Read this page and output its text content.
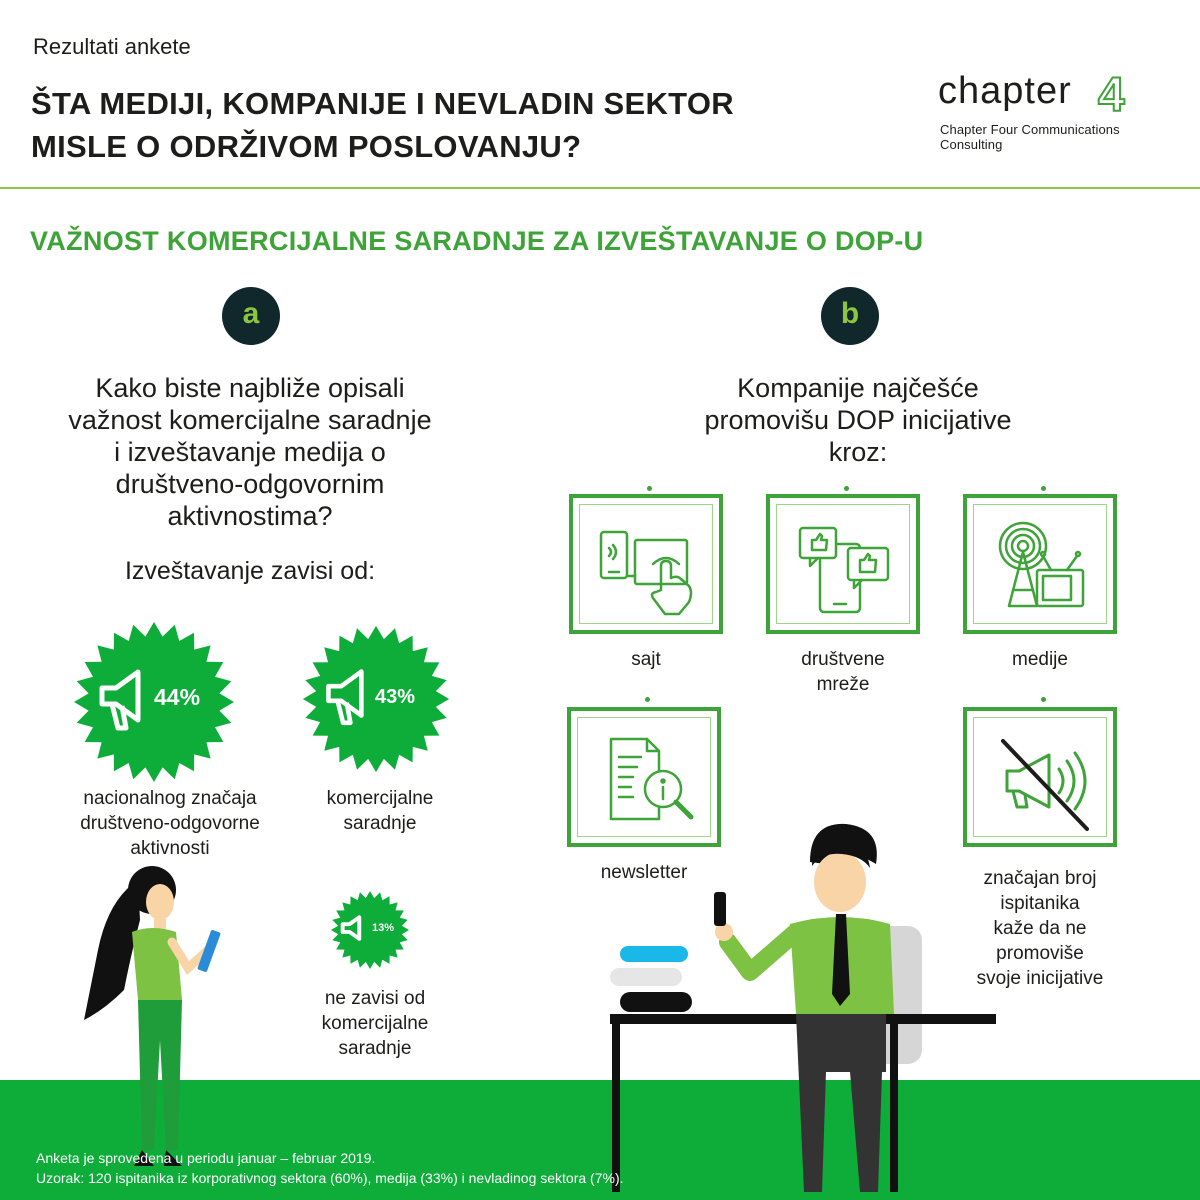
Rezultati ankete
ŠTA MEDIJI, KOMPANIJE I NEVLADIN SEKTOR
MISLE O ODRŽIVOM POSLOVANJU?
chapter 4
Chapter Four Communications Consulting
VAŽNOST KOMERCIJALNE SARADNJE ZA IZVEŠTAVANJE O DOP-U
a
Kako biste najbliže opisali
važnost komercijalne saradnje
i izveštavanje medija o
društveno-odgovornim
aktivnostima?
Izveštavanje zavisi od:
44%
nacionalnog značaja
društveno-odgovorne
aktivnosti
43%
komercijalne
saradnje
13%
ne zavisi od
komercijalne
saradnje
b
Kompanije najčešće
promovišu DOP inicijative
kroz:
sajt	društvene
mreže
medije
newsletter	značajan broj
ispitanika
kaže da ne
promoviše
svoje inicijative
Anketa je sprovedena u periodu januar – februar 2019.
Uzorak: 120 ispitanika iz korporativnog sektora (60%), medija (33%) i nevladinog sektora (7%).
